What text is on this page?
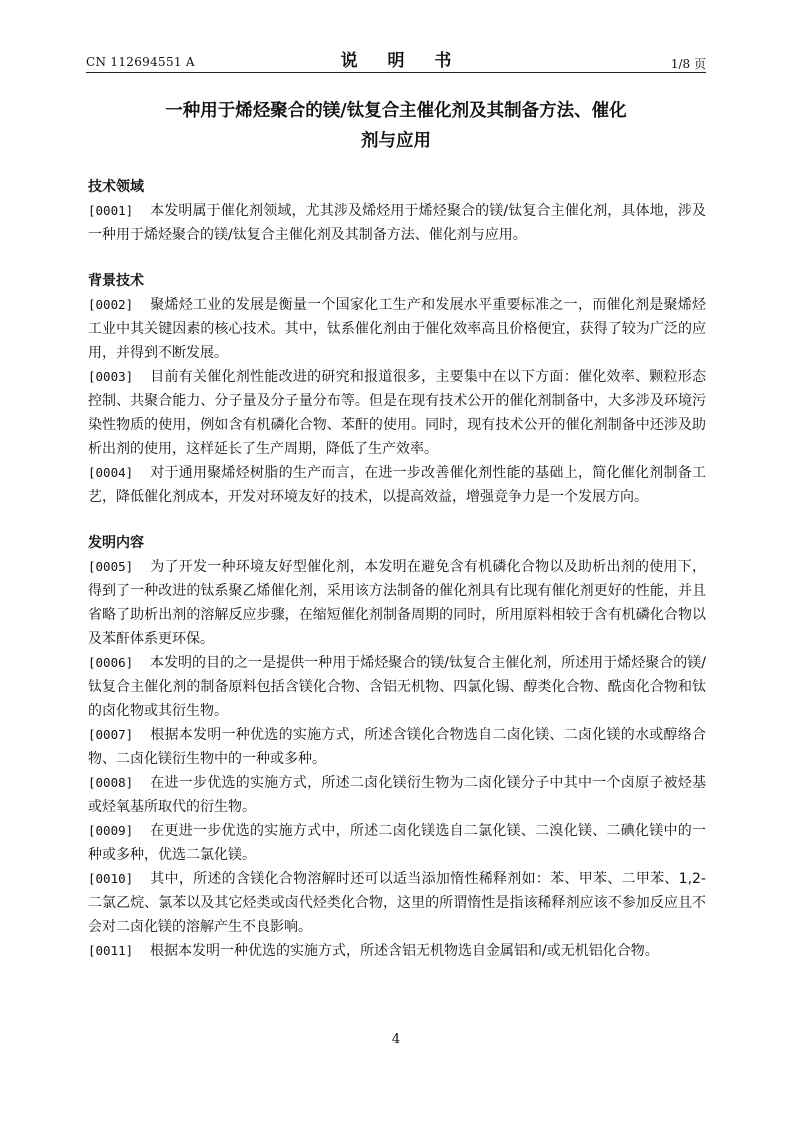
CN 112694551 A	说 明 书	1/8 页
一种用于烯烃聚合的镁/钛复合主催化剂及其制备方法、催化
剂与应用

技术领域

[0001] 本发明属于催化剂领域，尤其涉及烯烃用于烯烃聚合的镁/钛复合主催化剂，具体地，涉及一种用于烯烃聚合的镁/钛复合主催化剂及其制备方法、催化剂与应用。

背景技术

[0002] 聚烯烃工业的发展是衡量一个国家化工生产和发展水平重要标准之一，而催化剂是聚烯烃工业中其关键因素的核心技术。其中，钛系催化剂由于催化效率高且价格便宜，获得了较为广泛的应用，并得到不断发展。

[0003] 目前有关催化剂性能改进的研究和报道很多，主要集中在以下方面：催化效率、颗粒形态控制、共聚合能力、分子量及分子量分布等。但是在现有技术公开的催化剂制备中，大多涉及环境污染性物质的使用，例如含有机磷化合物、苯酐的使用。同时，现有技术公开的催化剂制备中还涉及助析出剂的使用，这样延长了生产周期，降低了生产效率。

[0004] 对于通用聚烯烃树脂的生产而言，在进一步改善催化剂性能的基础上，简化催化剂制备工艺，降低催化剂成本，开发对环境友好的技术，以提高效益，增强竞争力是一个发展方向。

发明内容

[0005] 为了开发一种环境友好型催化剂，本发明在避免含有机磷化合物以及助析出剂的使用下，得到了一种改进的钛系聚乙烯催化剂，采用该方法制备的催化剂具有比现有催化剂更好的性能，并且省略了助析出剂的溶解反应步骤，在缩短催化剂制备周期的同时，所用原料相较于含有机磷化合物以及苯酐体系更环保。

[0006] 本发明的目的之一是提供一种用于烯烃聚合的镁/钛复合主催化剂，所述用于烯烃聚合的镁/钛复合主催化剂的制备原料包括含镁化合物、含铝无机物、四氯化锡、醇类化合物、酰卤化合物和钛的卤化物或其衍生物。

[0007] 根据本发明一种优选的实施方式，所述含镁化合物选自二卤化镁、二卤化镁的水或醇络合物、二卤化镁衍生物中的一种或多种。

[0008] 在进一步优选的实施方式，所述二卤化镁衍生物为二卤化镁分子中其中一个卤原子被烃基或烃氧基所取代的衍生物。

[0009] 在更进一步优选的实施方式中，所述二卤化镁选自二氯化镁、二溴化镁、二碘化镁中的一种或多种，优选二氯化镁。

[0010] 其中，所述的含镁化合物溶解时还可以适当添加惰性稀释剂如：苯、甲苯、二甲苯、1,2-二氯乙烷、氯苯以及其它烃类或卤代烃类化合物，这里的所谓惰性是指该稀释剂应该不参加反应且不会对二卤化镁的溶解产生不良影响。

[0011] 根据本发明一种优选的实施方式，所述含铝无机物选自金属铝和/或无机铝化合物。

4
